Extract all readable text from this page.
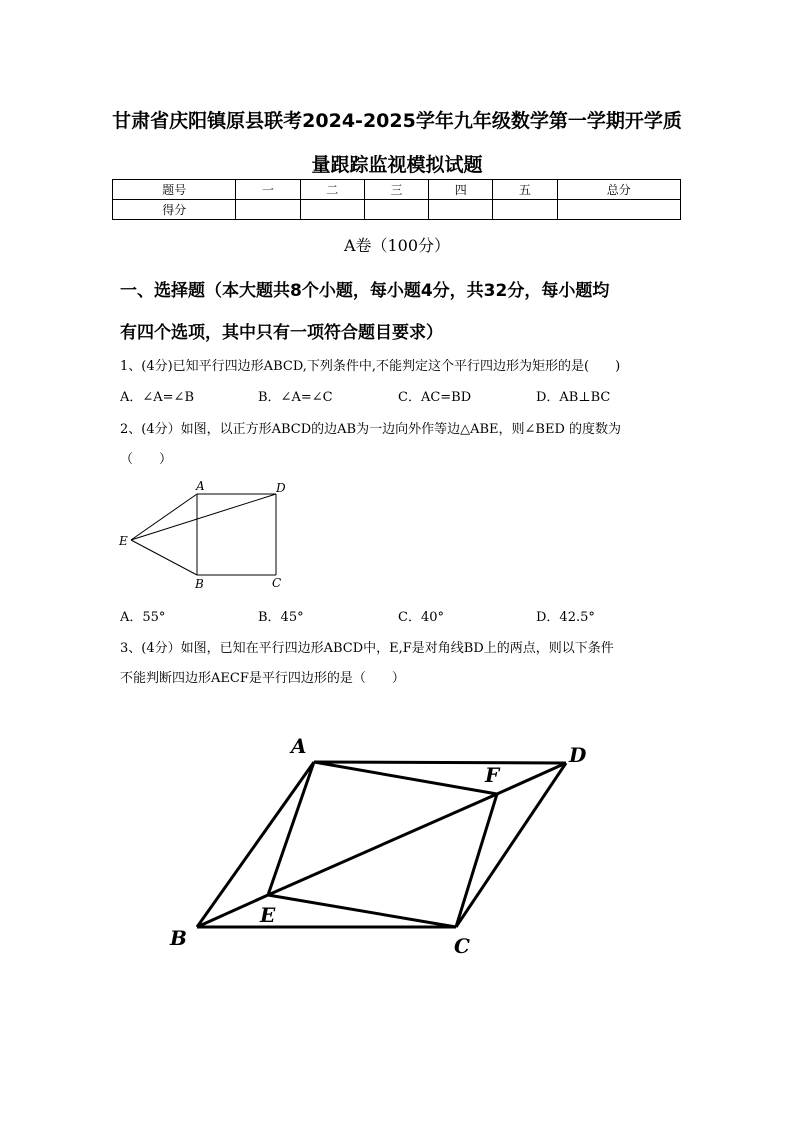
甘肃省庆阳镇原县联考2024-2025学年九年级数学第一学期开学质
量跟踪监视模拟试题
题号	一	二	三	四	五	总分
得分						
A卷（100分）
一、选择题（本大题共8个小题，每小题4分，共32分，每小题均
有四个选项，其中只有一项符合题目要求）
1、(4分)已知平行四边形ABCD,下列条件中,不能判定这个平行四边形为矩形的是(　　)
A．∠A=∠B	B．∠A=∠C	C．AC=BD	D．AB⊥BC
2、(4分）如图，以正方形ABCD的边AB为一边向外作等边△ABE，则∠BED 的度数为
（　　）
A	D
E
B	C
A．55°	B．45°	C．40°	D．42.5°
3、(4分）如图，已知在平行四边形ABCD中，E,F是对角线BD上的两点，则以下条件
不能判断四边形AECF是平行四边形的是（　　）
A	D
F
E
B	C
